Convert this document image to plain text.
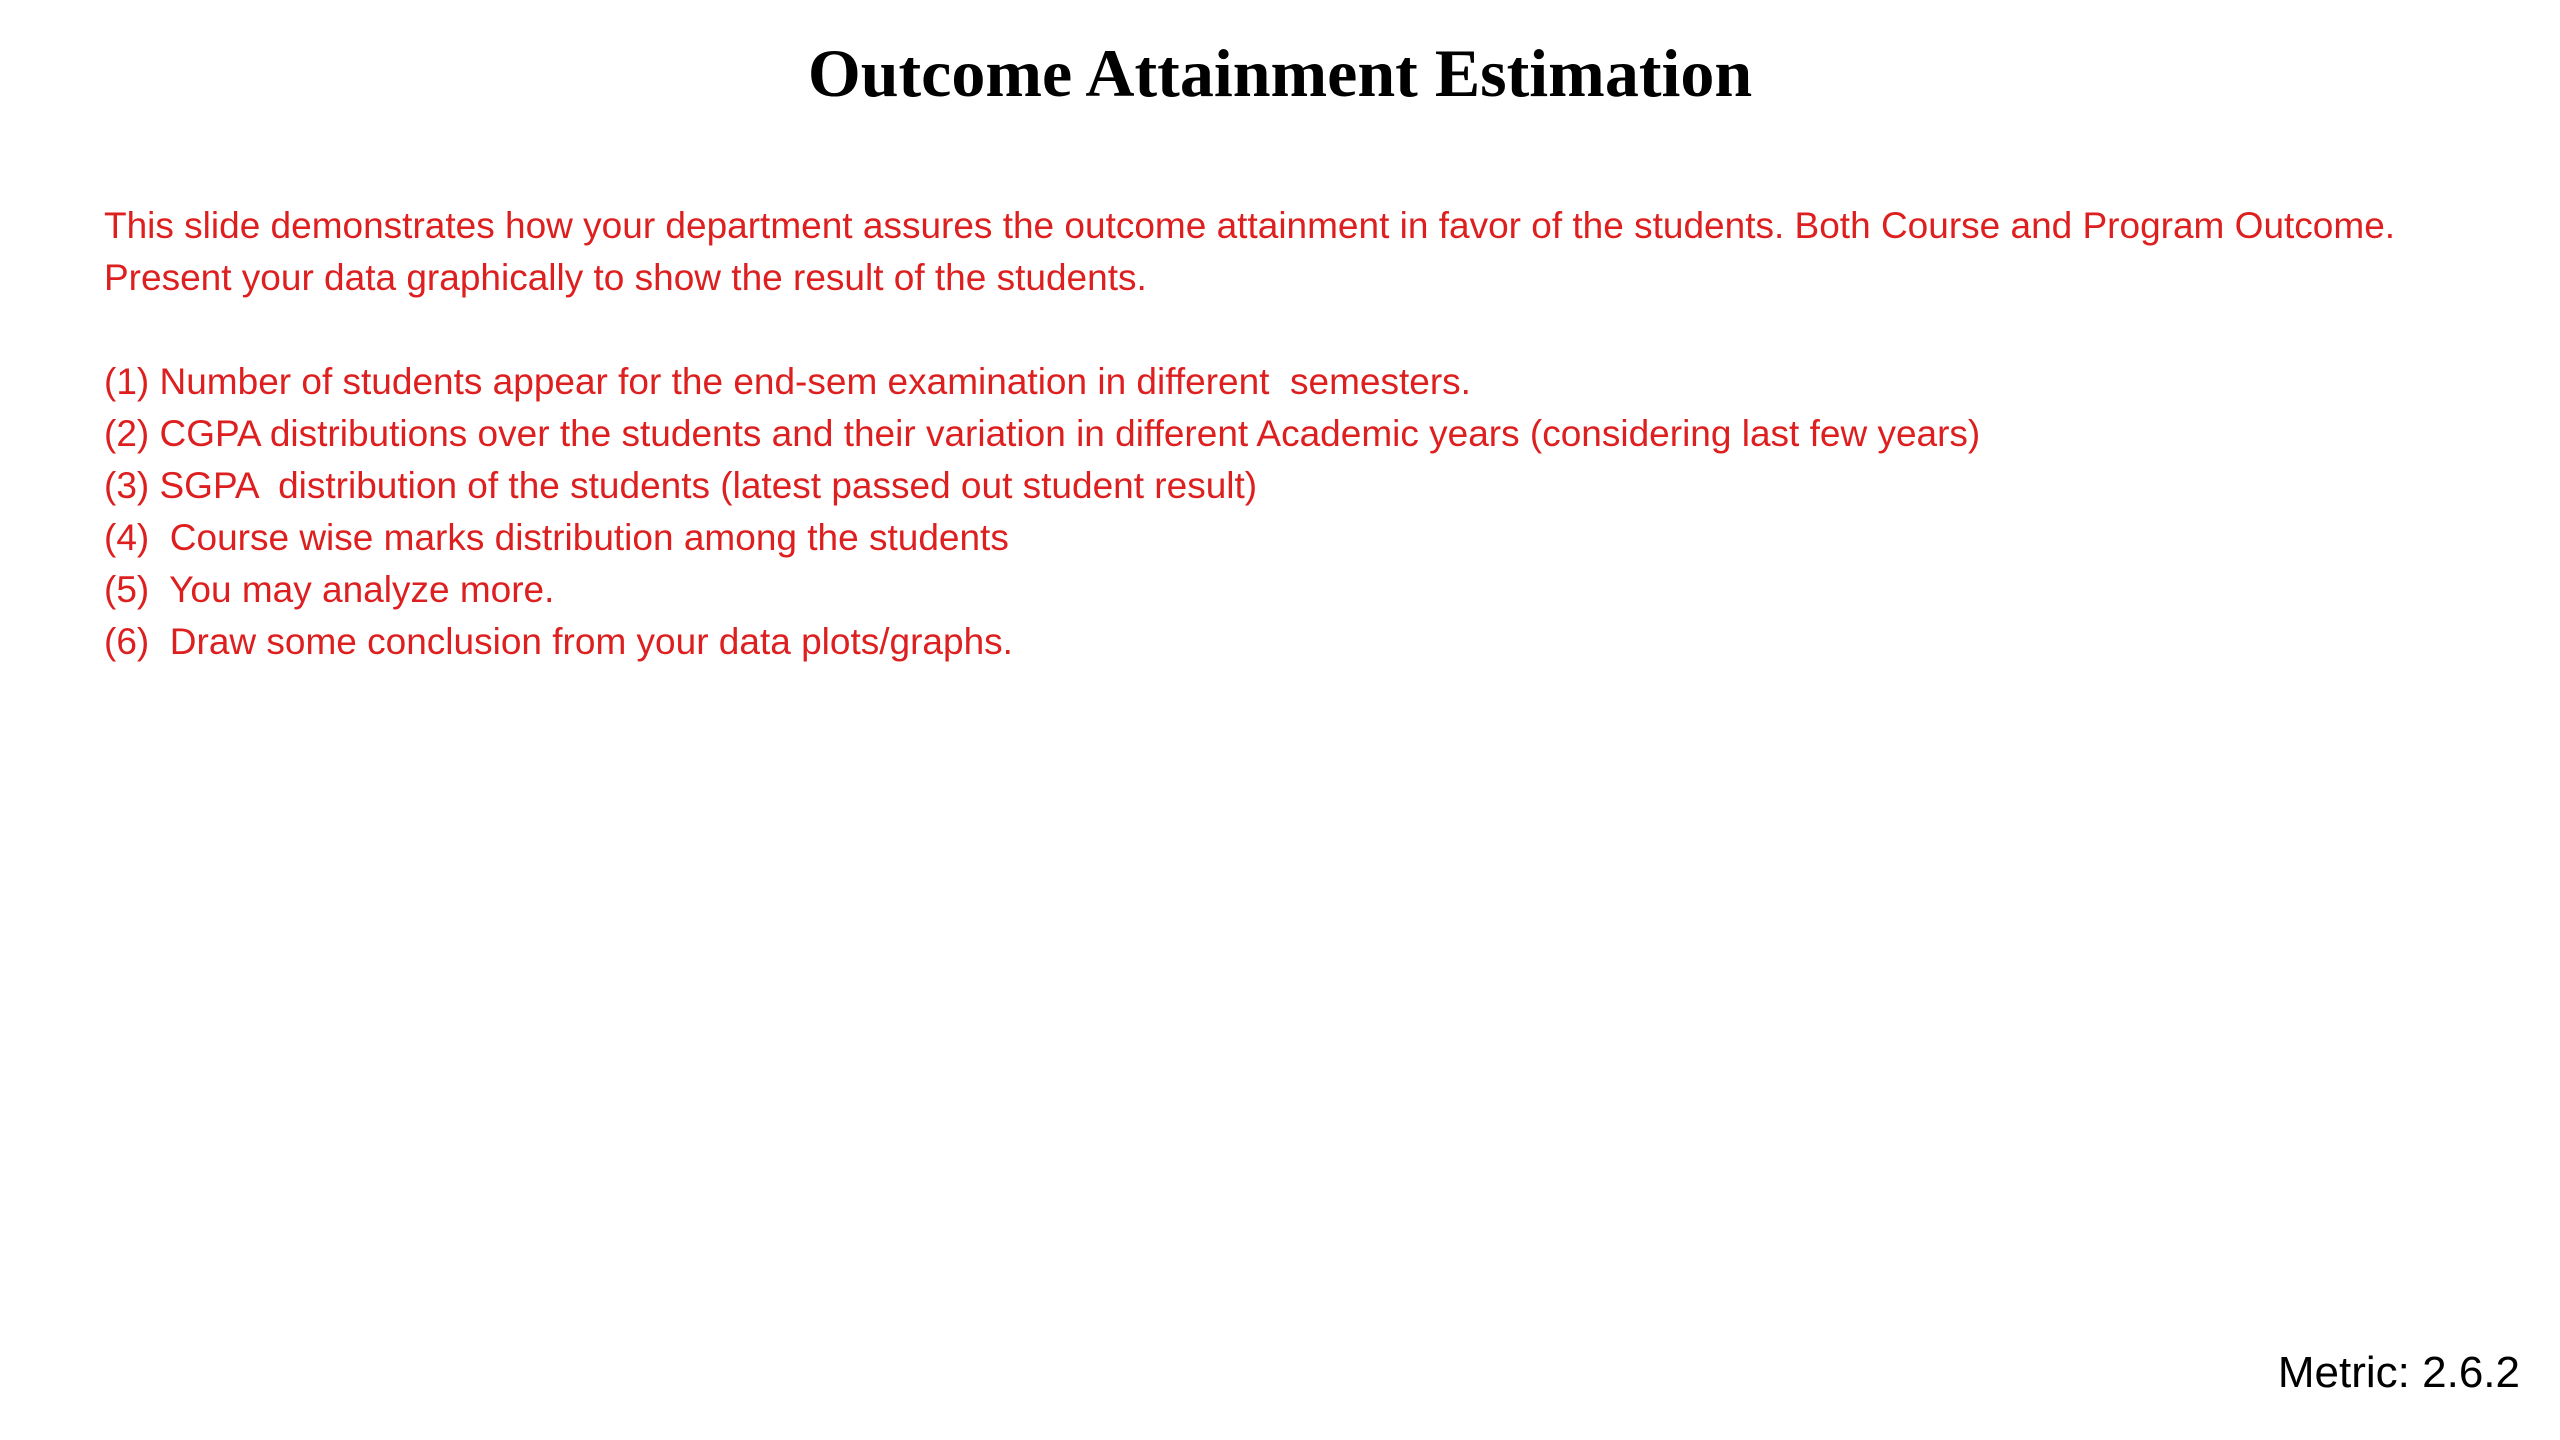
Outcome Attainment Estimation

This slide demonstrates how your department assures the outcome attainment in favor of the students. Both Course and Program Outcome.

Present your data graphically to show the result of the students.

(1) Number of students appear for the end-sem examination in different  semesters.

(2) CGPA distributions over the students and their variation in different Academic years (considering last few years)

(3) SGPA  distribution of the students (latest passed out student result)

(4)  Course wise marks distribution among the students

(5)  You may analyze more.

(6)  Draw some conclusion from your data plots/graphs.

Metric: 2.6.2
